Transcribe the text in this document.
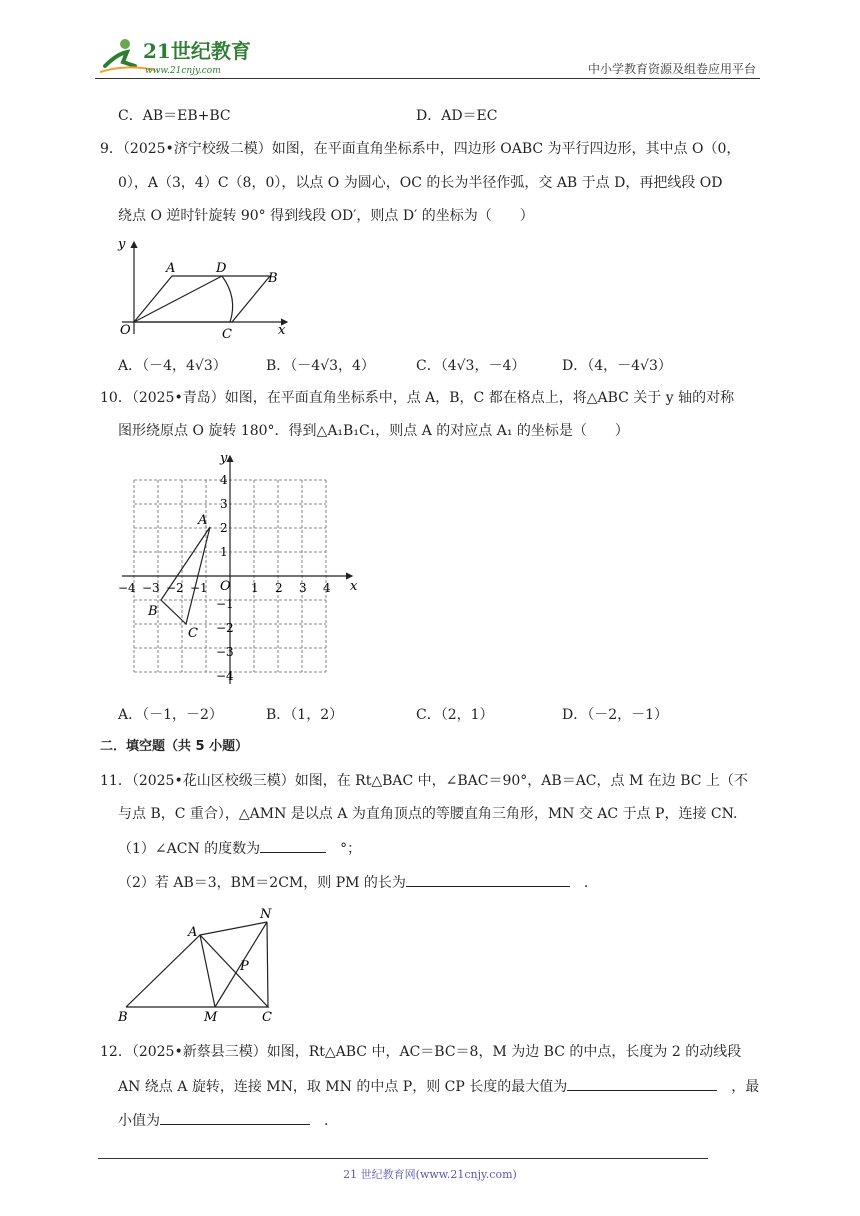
21世纪教育
www.21cnjy.com	中小学教育资源及组卷应用平台
C．AB＝EB+BC	D．AD＝EC
9．（2025•济宁校级二模）如图，在平面直角坐标系中，四边形 OABC 为平行四边形，其中点 O（0，
0），A（3，4）C（8，0），以点 O 为圆心，OC 的长为半径作弧，交 AB 于点 D，再把线段 OD
绕点 O 逆时针旋转 90° 得到线段 OD′，则点 D′ 的坐标为（　　）
y
A	D
B
O	C	x
A．（－4，4√3）	B．（－4√3，4）	C．（4√3，－4）	D．（4，－4√3）
10．（2025•青岛）如图，在平面直角坐标系中，点 A，B，C 都在格点上，将△ABC 关于 y 轴的对称
图形绕原点 O 旋转 180°．得到△A₁B₁C₁，则点 A 的对应点 A₁ 的坐标是（　　）
−4 −3 −2 −1	1 2 3 4
4
3
2
1
−1
−2
−3
−4
y
x
O
A
B
C
A．（－1，－2）	B．（1，2）	C．（2，1）	D．（－2，－1）
二．填空题（共 5 小题）
11．（2025•花山区校级三模）如图，在 Rt△BAC 中，∠BAC＝90°，AB＝AC，点 M 在边 BC 上（不
与点 B，C 重合），△AMN 是以点 A 为直角顶点的等腰直角三角形，MN 交 AC 于点 P，连接 CN.
（1）∠ACN 的度数为　	°；
（2）若 AB＝3，BM＝2CM，则 PM 的长为　	.
A
N
P
B	M	C
12．（2025•新蔡县三模）如图，Rt△ABC 中，AC＝BC＝8，M 为边 BC 的中点，长度为 2 的动线段
AN 绕点 A 旋转，连接 MN，取 MN 的中点 P，则 CP 长度的最大值为　	，最
小值为　	.
21 世纪教育网(www.21cnjy.com)
